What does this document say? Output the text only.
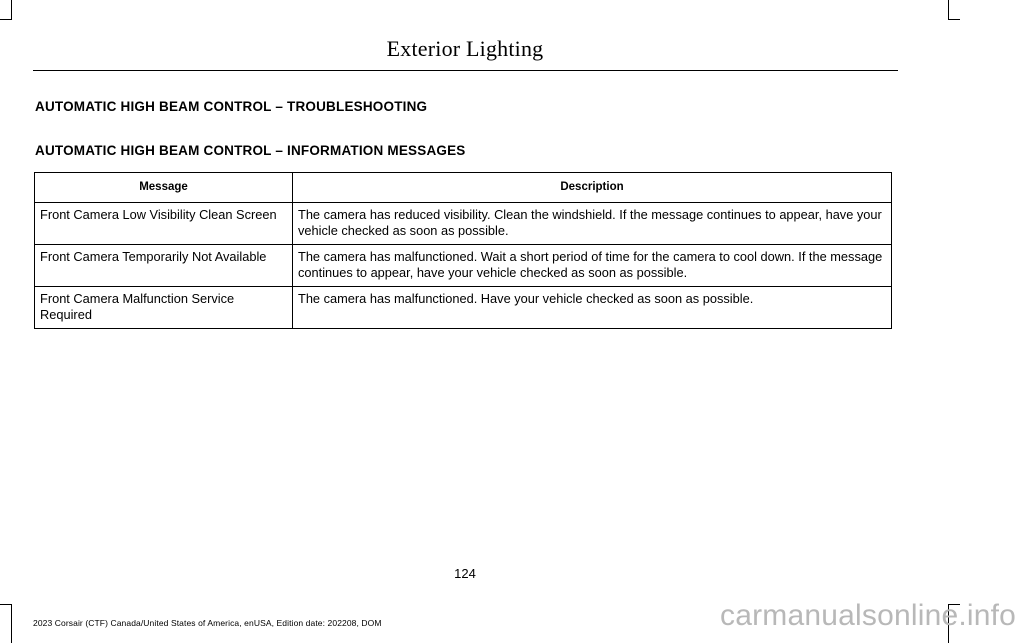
Exterior Lighting
AUTOMATIC HIGH BEAM CONTROL – TROUBLESHOOTING
AUTOMATIC HIGH BEAM CONTROL – INFORMATION MESSAGES
Message	Description
Front Camera Low Visibility Clean Screen	The camera has reduced visibility. Clean the windshield. If the message continues to appear, have your vehicle checked as soon as possible.
Front Camera Temporarily Not Available	The camera has malfunctioned. Wait a short period of time for the camera to cool down. If the message continues to appear, have your vehicle checked as soon as possible.
Front Camera Malfunction Service Required	The camera has malfunctioned. Have your vehicle checked as soon as possible.
124
2023 Corsair (CTF) Canada/United States of America, enUSA, Edition date: 202208, DOM	carmanualsonline.info
